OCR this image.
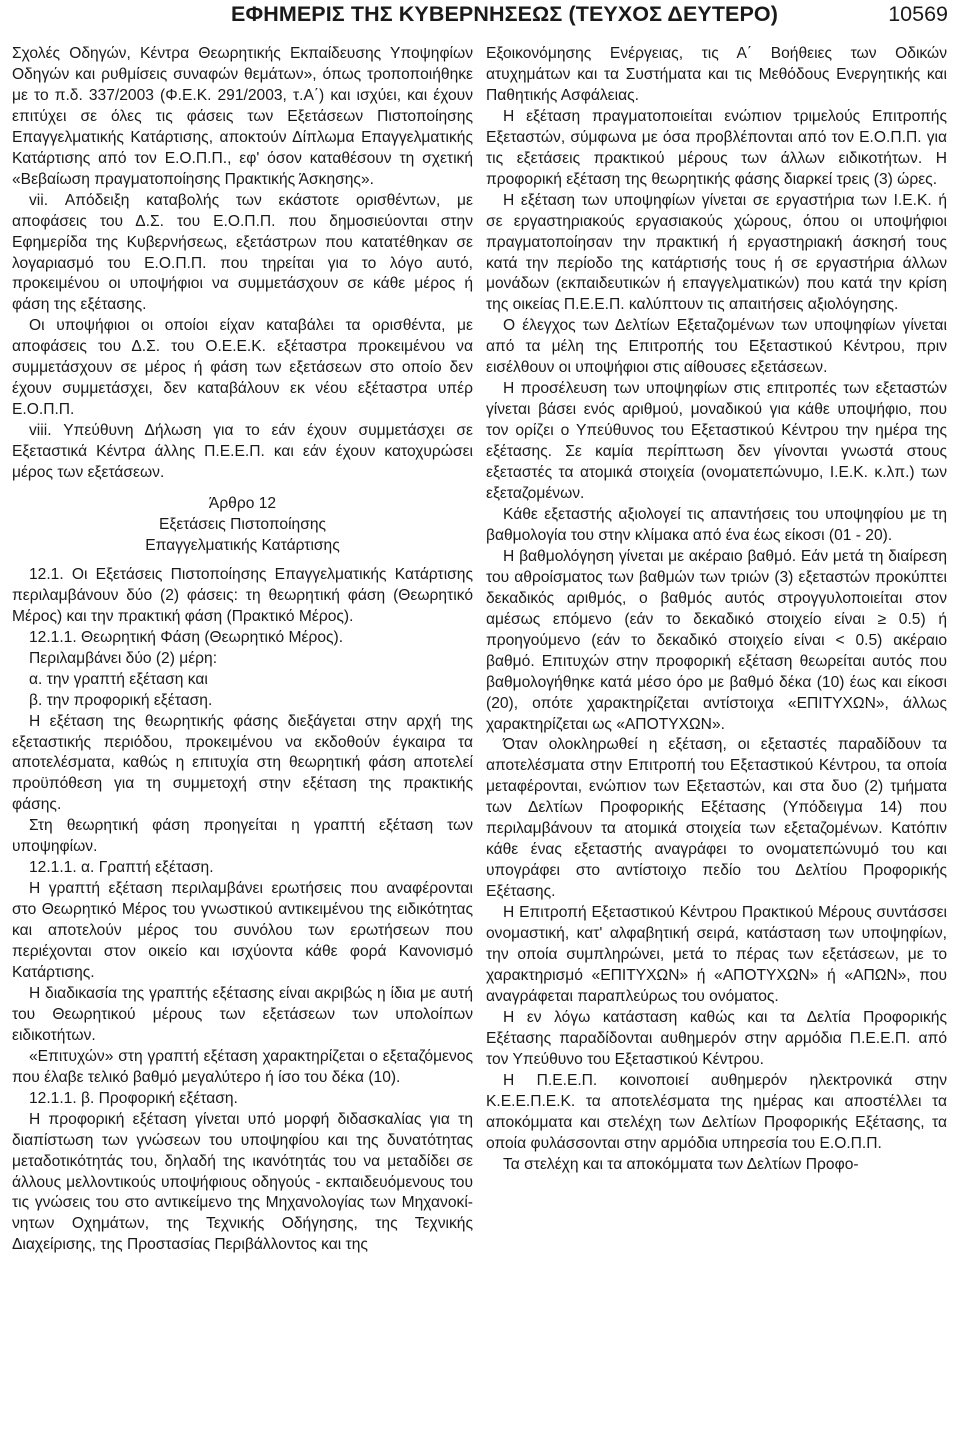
ΕΦΗΜΕΡΙΣ ΤΗΣ ΚΥΒΕΡΝΗΣΕΩΣ (ΤΕΥΧΟΣ ΔΕΥΤΕΡΟ)	10569

Σχολές Οδηγών, Κέντρα Θεωρητικής Εκπαίδευσης Υποψηφίων Οδηγών και ρυθμίσεις συναφών θεμάτων», όπως τροποποιήθηκε με το π.δ. 337/2003 (Φ.Ε.Κ. 291/2003, τ.Α΄) και ισχύει, και έχουν επιτύχει σε όλες τις φάσεις των Εξετάσεων Πιστοποίησης Επαγγελματικής Κατάρτισης, αποκτούν Δίπλωμα Επαγγελματικής Κατάρτισης από τον Ε.Ο.Π.Π., εφ' όσον καταθέσουν τη σχετική «Βεβαίωση πραγματοποίησης Πρακτικής Άσκησης».

vii. Απόδειξη καταβολής των εκάστοτε ορισθέντων, με αποφάσεις του Δ.Σ. του Ε.Ο.Π.Π. που δημοσιεύονται στην Εφημερίδα της Κυβερνήσεως, εξετάστρων που κατατέθηκαν σε λογαριασμό του Ε.Ο.Π.Π. που τηρείται για το λόγο αυτό, προκειμένου οι υποψήφιοι να συμμετάσχουν σε κάθε μέρος ή φάση της εξέτασης.

Οι υποψήφιοι οι οποίοι είχαν καταβάλει τα ορισθέντα, με αποφάσεις του Δ.Σ. του Ο.Ε.Ε.Κ. εξέταστρα προκειμένου να συμμετάσχουν σε μέρος ή φάση των εξετάσεων στο οποίο δεν έχουν συμμετάσχει, δεν καταβάλουν εκ νέου εξέταστρα υπέρ Ε.Ο.Π.Π.

viii. Υπεύθυνη Δήλωση για το εάν έχουν συμμετάσχει σε Εξεταστικά Κέντρα άλλης Π.Ε.Ε.Π. και εάν έχουν κατοχυρώσει μέρος των εξετάσεων.

Άρθρο 12

Εξετάσεις Πιστοποίησης

Επαγγελματικής Κατάρτισης

12.1. Οι Εξετάσεις Πιστοποίησης Επαγγελματικής Κατάρτισης περιλαμβάνουν δύο (2) φάσεις: τη θεωρητική φάση (Θεωρητικό Μέρος) και την πρακτική φάση (Πρακτικό Μέρος).

12.1.1. Θεωρητική Φάση (Θεωρητικό Μέρος).

Περιλαμβάνει δύο (2) μέρη:

α. την γραπτή εξέταση και

β. την προφορική εξέταση.

Η εξέταση της θεωρητικής φάσης διεξάγεται στην αρχή της εξεταστικής περιόδου, προκειμένου να εκδοθούν έγκαιρα τα αποτελέσματα, καθώς η επιτυχία στη θεωρητική φάση αποτελεί προϋπόθεση για τη συμμετοχή στην εξέταση της πρακτικής φάσης.

Στη θεωρητική φάση προηγείται η γραπτή εξέταση των υποψηφίων.

12.1.1. α. Γραπτή εξέταση.

Η γραπτή εξέταση περιλαμβάνει ερωτήσεις που αναφέρονται στο Θεωρητικό Μέρος του γνωστικού αντικειμένου της ειδικότητας και αποτελούν μέρος του συνόλου των ερωτήσεων που περιέχονται στον οικείο και ισχύοντα κάθε φορά Κανονισμό Κατάρτισης.

Η διαδικασία της γραπτής εξέτασης είναι ακριβώς η ίδια με αυτή του Θεωρητικού μέρους των εξετάσεων των υπολοίπων ειδικοτήτων.

«Επιτυχών» στη γραπτή εξέταση χαρακτηρίζεται ο εξεταζόμενος που έλαβε τελικό βαθμό μεγαλύτερο ή ίσο του δέκα (10).

12.1.1. β. Προφορική εξέταση.

Η προφορική εξέταση γίνεται υπό μορφή διδασκαλίας για τη διαπίστωση των γνώσεων του υποψηφίου και της δυνατότητας μεταδοτικότητάς του, δηλαδή της ικανότητάς του να μεταδίδει σε άλλους μελλοντικούς υποψήφιους οδηγούς - εκπαιδευόμενους του τις γνώσεις του στο αντικείμενο της Μηχανολογίας των Μηχανοκίνητων Οχημάτων, της Τεχνικής Οδήγησης, της Τεχνικής Διαχείρισης, της Προστασίας Περιβάλλοντος και της

Εξοικονόμησης Ενέργειας, τις Α΄ Βοήθειες των Οδικών ατυχημάτων και τα Συστήματα και τις Μεθόδους Ενεργητικής και Παθητικής Ασφάλειας.

Η εξέταση πραγματοποιείται ενώπιον τριμελούς Επιτροπής Εξεταστών, σύμφωνα με όσα προβλέπονται από τον Ε.Ο.Π.Π. για τις εξετάσεις πρακτικού μέρους των άλλων ειδικοτήτων. Η προφορική εξέταση της θεωρητικής φάσης διαρκεί τρεις (3) ώρες.

Η εξέταση των υποψηφίων γίνεται σε εργαστήρια των Ι.Ε.Κ. ή σε εργαστηριακούς εργασιακούς χώρους, όπου οι υποψήφιοι πραγματοποίησαν την πρακτική ή εργαστηριακή άσκησή τους κατά την περίοδο της κατάρτισής τους ή σε εργαστήρια άλλων μονάδων (εκπαιδευτικών ή επαγγελματικών) που κατά την κρίση της οικείας Π.Ε.Ε.Π. καλύπτουν τις απαιτήσεις αξιολόγησης.

Ο έλεγχος των Δελτίων Εξεταζομένων των υποψηφίων γίνεται από τα μέλη της Επιτροπής του Εξεταστικού Κέντρου, πριν εισέλθουν οι υποψήφιοι στις αίθουσες εξετάσεων.

Η προσέλευση των υποψηφίων στις επιτροπές των εξεταστών γίνεται βάσει ενός αριθμού, μοναδικού για κάθε υποψήφιο, που τον ορίζει ο Υπεύθυνος του Εξεταστικού Κέντρου την ημέρα της εξέτασης. Σε καμία περίπτωση δεν γίνονται γνωστά στους εξεταστές τα ατομικά στοιχεία (ονοματεπώνυμο, Ι.Ε.Κ. κ.λπ.) των εξεταζομένων.

Κάθε εξεταστής αξιολογεί τις απαντήσεις του υποψηφίου με τη βαθμολογία του στην κλίμακα από ένα έως είκοσι (01 - 20).

Η βαθμολόγηση γίνεται με ακέραιο βαθμό. Εάν μετά τη διαίρεση του αθροίσματος των βαθμών των τριών (3) εξεταστών προκύπτει δεκαδικός αριθμός, ο βαθμός αυτός στρογγυλοποιείται στον αμέσως επόμενο (εάν το δεκαδικό στοιχείο είναι ≥ 0.5) ή προηγούμενο (εάν το δεκαδικό στοιχείο είναι < 0.5) ακέραιο βαθμό. Επιτυχών στην προφορική εξέταση θεωρείται αυτός που βαθμολογήθηκε κατά μέσο όρο με βαθμό δέκα (10) έως και είκοσι (20), οπότε χαρακτηρίζεται αντίστοιχα «ΕΠΙΤΥΧΩΝ», άλλως χαρακτηρίζεται ως «ΑΠΟΤΥΧΩΝ».

Όταν ολοκληρωθεί η εξέταση, οι εξεταστές παραδίδουν τα αποτελέσματα στην Επιτροπή του Εξεταστικού Κέντρου, τα οποία μεταφέρονται, ενώπιον των Εξεταστών, και στα δυο (2) τμήματα των Δελτίων Προφορικής Εξέτασης (Υπόδειγμα 14) που περιλαμβάνουν τα ατομικά στοιχεία των εξεταζομένων. Κατόπιν κάθε ένας εξεταστής αναγράφει το ονοματεπώνυμό του και υπογράφει στο αντίστοιχο πεδίο του Δελτίου Προφορικής Εξέτασης.

Η Επιτροπή Εξεταστικού Κέντρου Πρακτικού Μέρους συντάσσει ονομαστική, κατ' αλφαβητική σειρά, κατάσταση των υποψηφίων, την οποία συμπληρώνει, μετά το πέρας των εξετάσεων, με το χαρακτηρισμό «ΕΠΙΤΥΧΩΝ» ή «ΑΠΟΤΥΧΩΝ» ή «ΑΠΩΝ», που αναγράφεται παραπλεύρως του ονόματος.

Η εν λόγω κατάσταση καθώς και τα Δελτία Προφορικής Εξέτασης παραδίδονται αυθημερόν στην αρμόδια Π.Ε.Ε.Π. από τον Υπεύθυνο του Εξεταστικού Κέντρου.

Η Π.Ε.Ε.Π. κοινοποιεί αυθημερόν ηλεκτρονικά στην Κ.Ε.Ε.Π.Ε.Κ. τα αποτελέσματα της ημέρας και αποστέλλει τα αποκόμματα και στελέχη των Δελτίων Προφορικής Εξέτασης, τα οποία φυλάσσονται στην αρμόδια υπηρεσία του Ε.Ο.Π.Π.

Τα στελέχη και τα αποκόμματα των Δελτίων Προφο-
